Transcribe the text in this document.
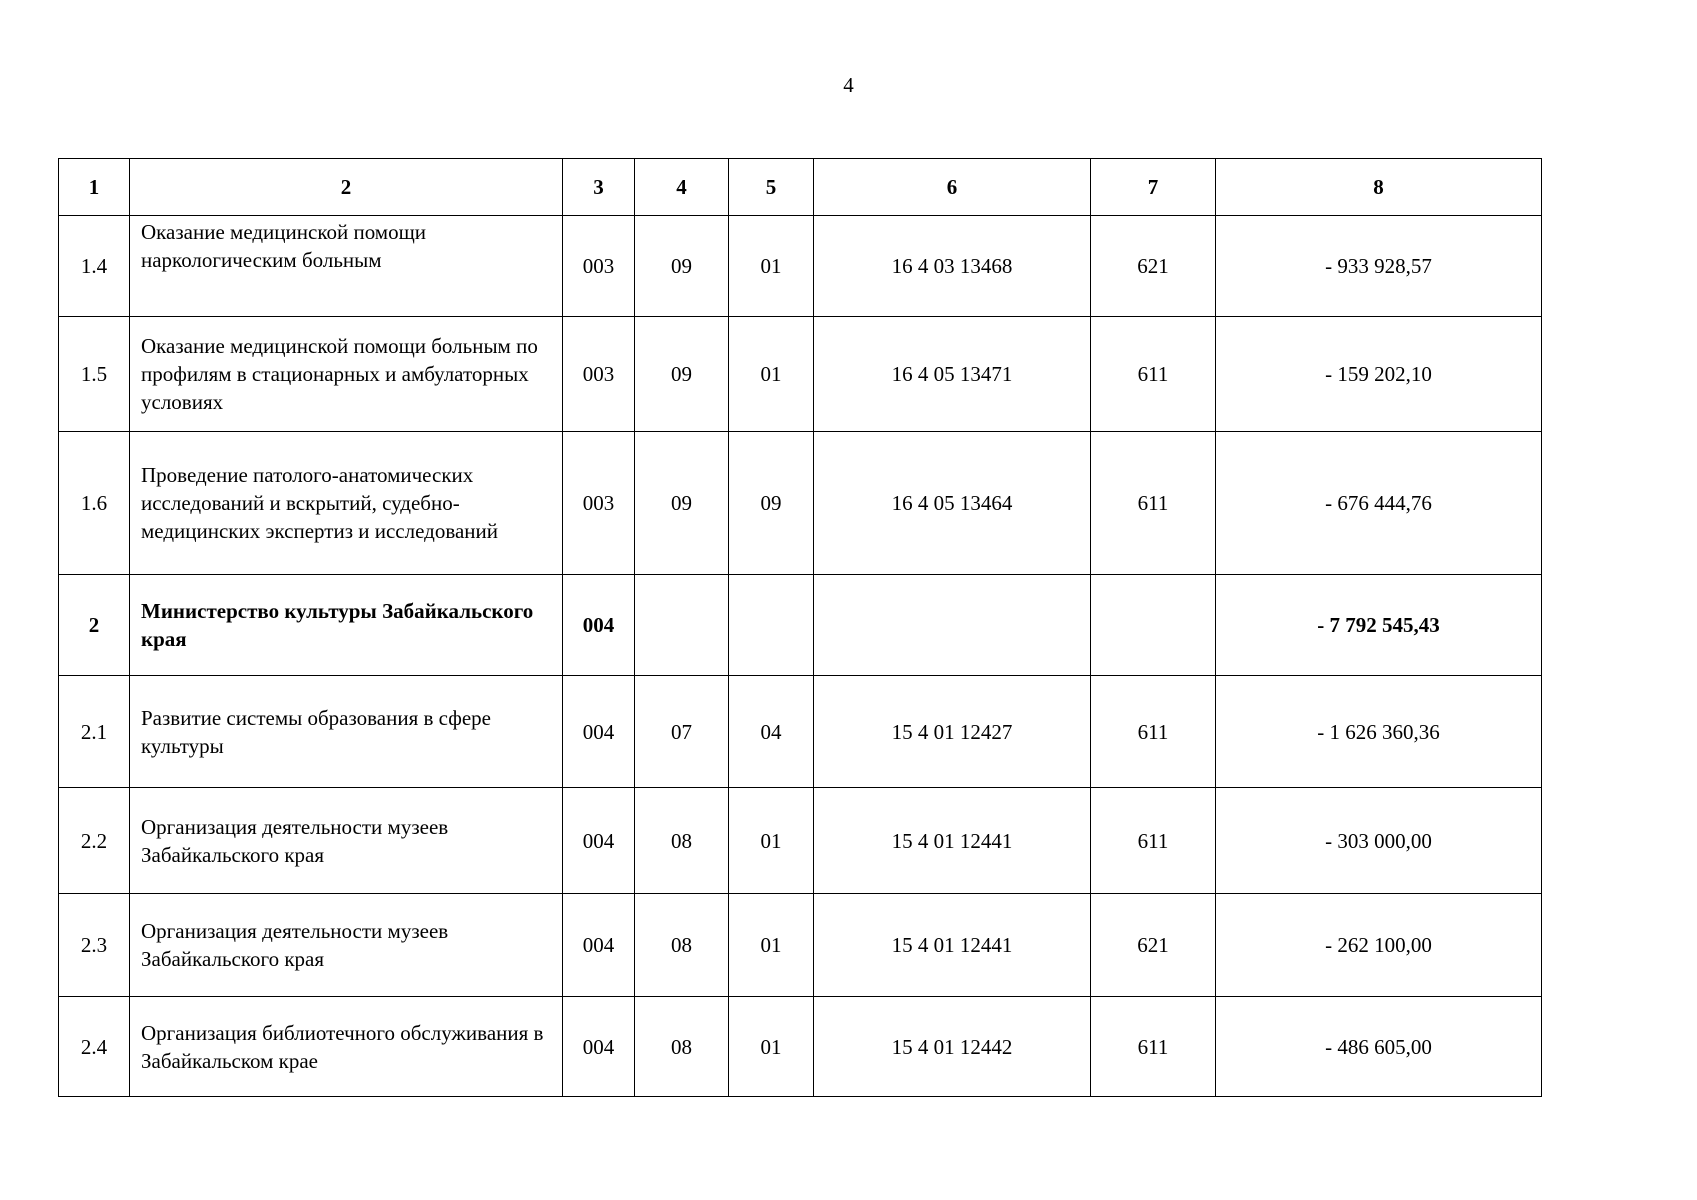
4
1	2	3	4	5	6	7	8
1.4	Оказание медицинской помощи наркологическим больным	003	09	01	16 4 03 13468	621	- 933 928,57
1.5	Оказание медицинской помощи больным по профилям в стационарных и амбулаторных условиях	003	09	01	16 4 05 13471	611	- 159 202,10
1.6	Проведение патолого-анатомических исследований и вскрытий, судебно-медицинских экспертиз и исследований	003	09	09	16 4 05 13464	611	- 676 444,76
2	Министерство культуры Забайкальского края	004					- 7 792 545,43
2.1	Развитие системы образования в сфере культуры	004	07	04	15 4 01 12427	611	- 1 626 360,36
2.2	Организация деятельности музеев Забайкальского края	004	08	01	15 4 01 12441	611	- 303 000,00
2.3	Организация деятельности музеев Забайкальского края	004	08	01	15 4 01 12441	621	- 262 100,00
2.4	Организация библиотечного обслуживания в Забайкальском крае	004	08	01	15 4 01 12442	611	- 486 605,00
